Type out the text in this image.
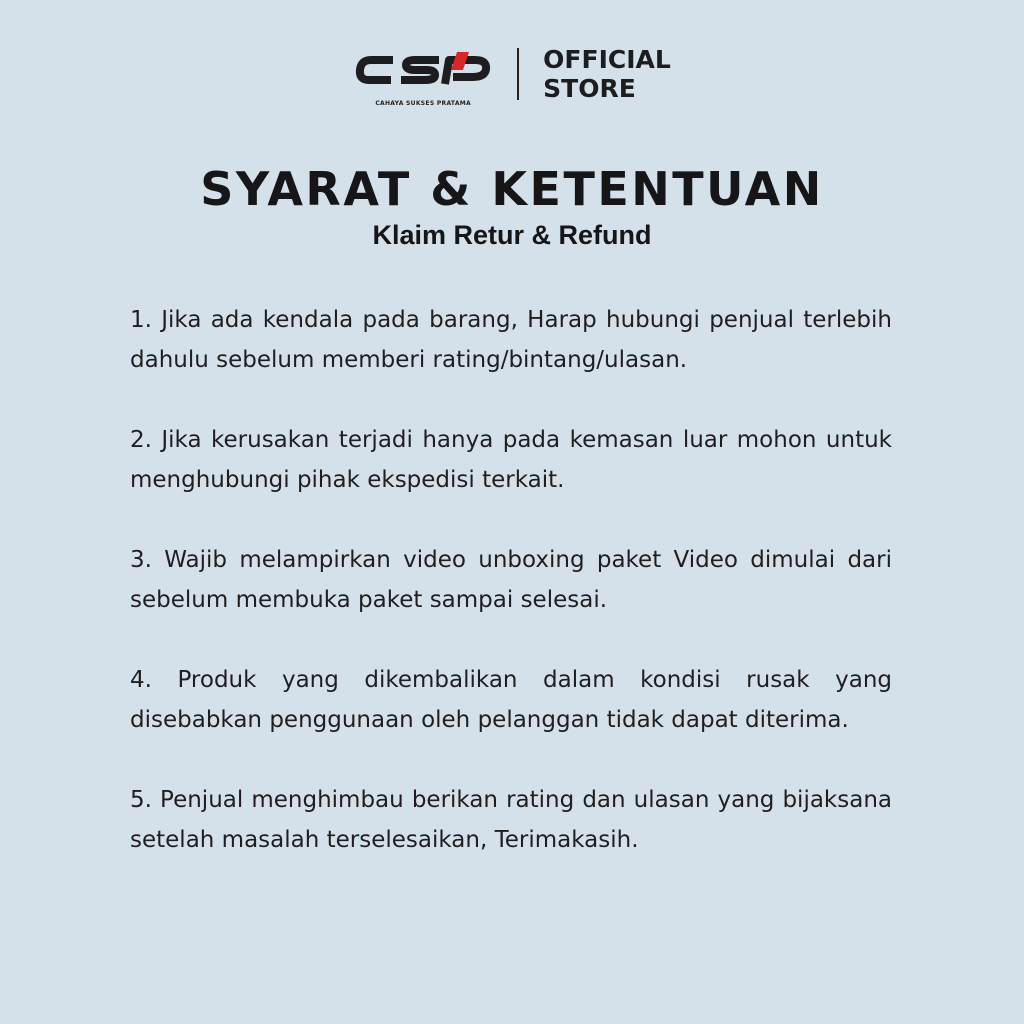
CAHAYA SUKSES PRATAMA
OFFICIAL
STORE
SYARAT & KETENTUAN
Klaim Retur & Refund

1. Jika ada kendala pada barang, Harap hubungi penjual terlebih dahulu sebelum memberi rating/bintang/ulasan.

2. Jika kerusakan terjadi hanya pada kemasan luar mohon untuk menghubungi pihak ekspedisi terkait.

3. Wajib melampirkan video unboxing paket Video dimulai dari sebelum membuka paket sampai selesai.

4. Produk yang dikembalikan dalam kondisi rusak yang disebabkan penggunaan oleh pelanggan tidak dapat diterima.

5. Penjual menghimbau berikan rating dan ulasan yang bijaksana setelah masalah terselesaikan, Terimakasih.
